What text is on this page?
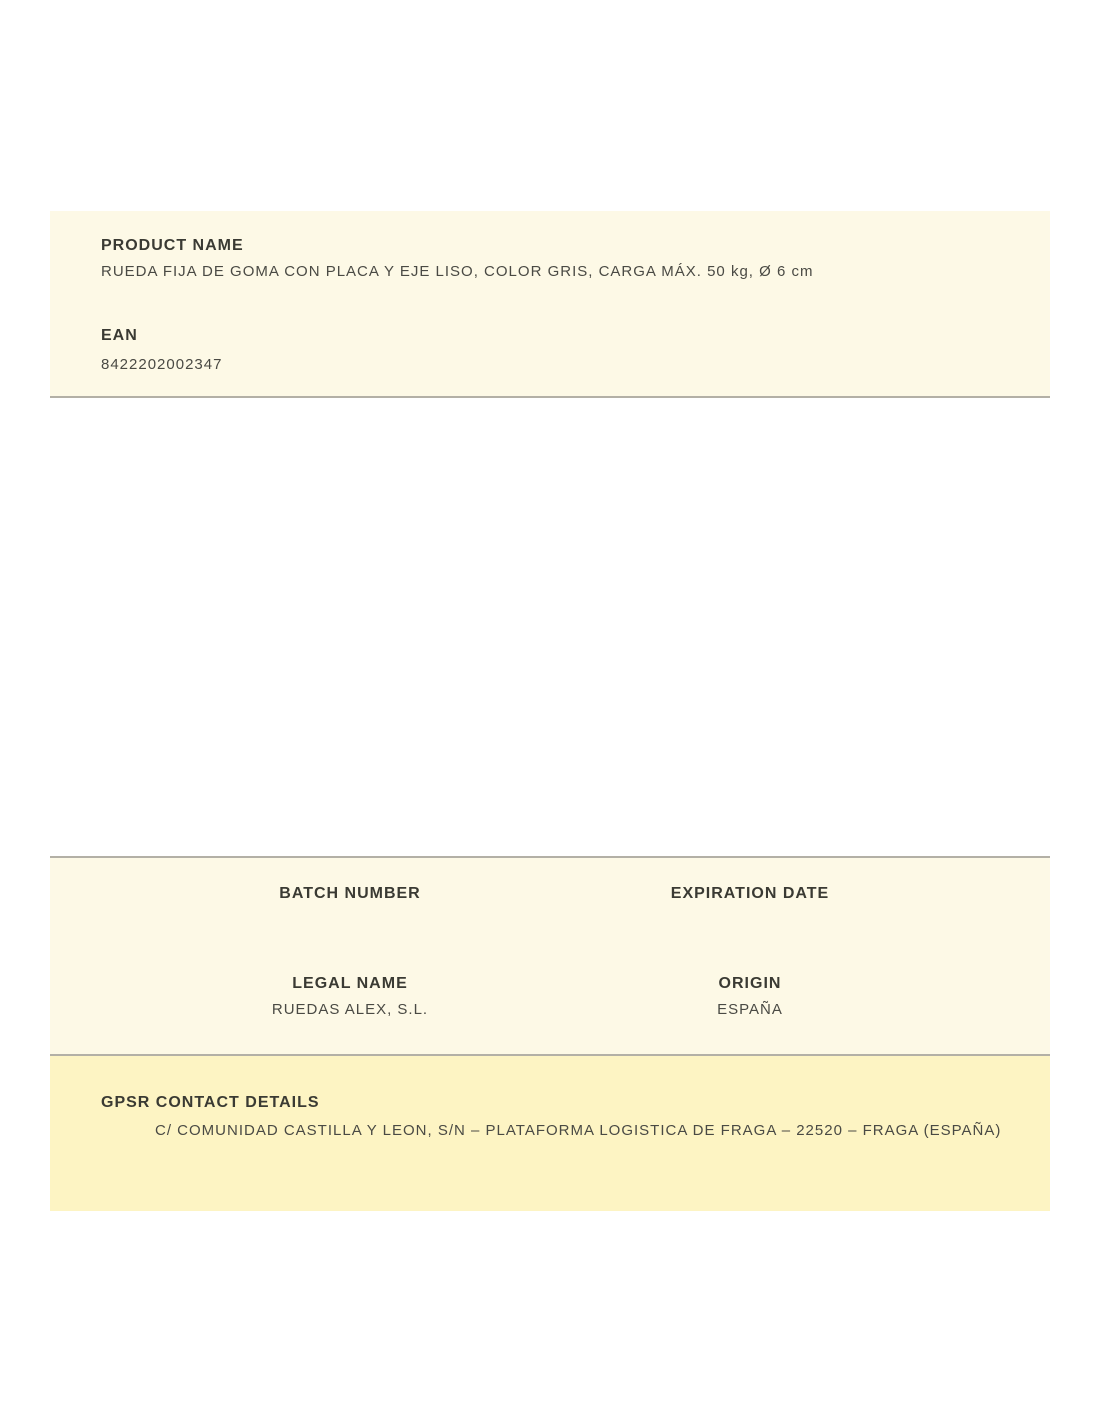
PRODUCT NAME
RUEDA FIJA DE GOMA CON PLACA Y EJE LISO, COLOR GRIS, CARGA MÁX. 50 kg, Ø 6 cm
EAN
8422202002347
BATCH NUMBER	EXPIRATION DATE
LEGAL NAME
RUEDAS ALEX, S.L.
ORIGIN
ESPAÑA
GPSR CONTACT DETAILS
C/ COMUNIDAD CASTILLA Y LEON, S/N – PLATAFORMA LOGISTICA DE FRAGA – 22520 – FRAGA (ESPAÑA)
